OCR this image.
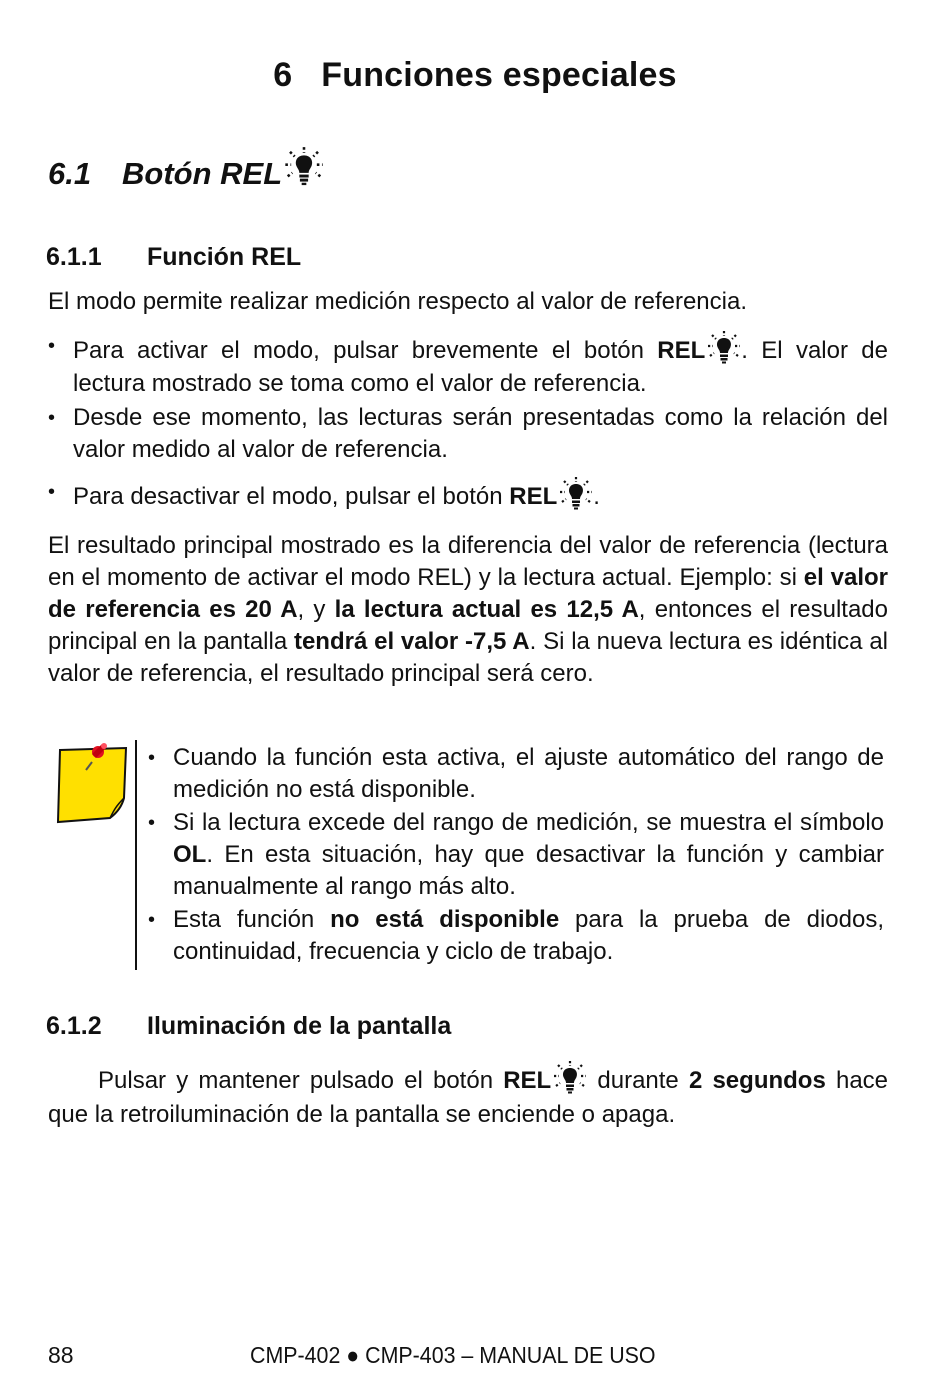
6 Funciones especiales
6.1 Botón REL
6.1.1 Función REL

El modo permite realizar medición respecto al valor de referencia.

• Para activar el modo, pulsar brevemente el botón REL . El valor de lectura mostrado se toma como el valor de referencia.
• Desde ese momento, las lecturas serán presentadas como la relación del valor medido al valor de referencia.
• Para desactivar el modo, pulsar el botón REL .

El resultado principal mostrado es la diferencia del valor de referencia (lectura en el momento de activar el modo REL) y la lectura actual. Ejemplo: si el valor de referencia es 20 A, y la lectura actual es 12,5 A, entonces el resultado principal en la pantalla tendrá el valor -7,5 A. Si la nueva lectura es idéntica al valor de referencia, el resultado principal será cero.

• Cuando la función esta activa, el ajuste automático del rango de medición no está disponible.
• Si la lectura excede del rango de medición, se muestra el símbolo OL. En esta situación, hay que desactivar la función y cambiar manualmente al rango más alto.
• Esta función no está disponible para la prueba de diodos, continuidad, frecuencia y ciclo de trabajo.
6.1.2 Iluminación de la pantalla

Pulsar y mantener pulsado el botón REL durante 2 segundos hace que la retroiluminación de la pantalla se enciende o apaga.

88	CMP-402 ● CMP-403 – MANUAL DE USO
